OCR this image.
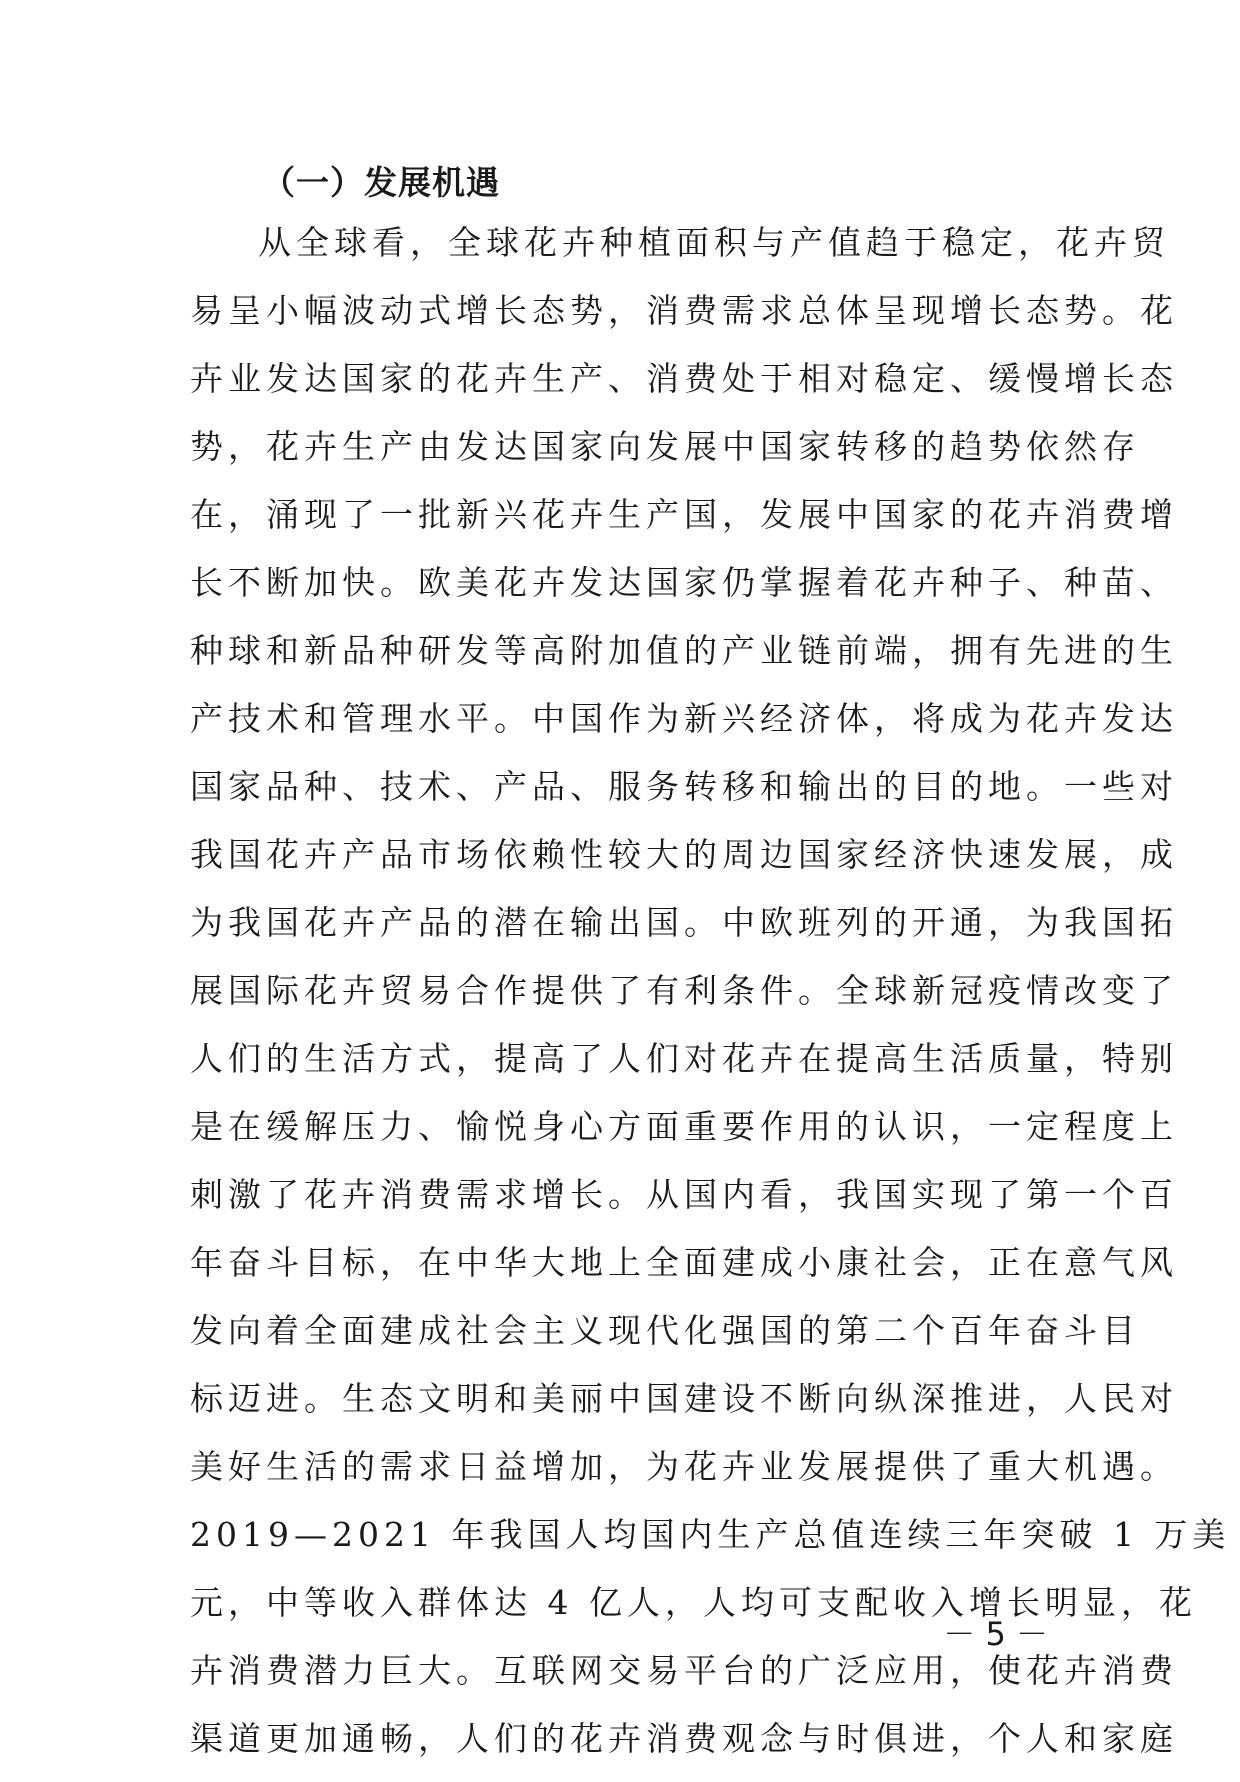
（一）发展机遇
从全球看，全球花卉种植面积与产值趋于稳定，花卉贸
易呈小幅波动式增长态势，消费需求总体呈现增长态势。花
卉业发达国家的花卉生产、消费处于相对稳定、缓慢增长态
势，花卉生产由发达国家向发展中国家转移的趋势依然存
在，涌现了一批新兴花卉生产国，发展中国家的花卉消费增
长不断加快。欧美花卉发达国家仍掌握着花卉种子、种苗、
种球和新品种研发等高附加值的产业链前端，拥有先进的生
产技术和管理水平。中国作为新兴经济体，将成为花卉发达
国家品种、技术、产品、服务转移和输出的目的地。一些对
我国花卉产品市场依赖性较大的周边国家经济快速发展，成
为我国花卉产品的潜在输出国。中欧班列的开通，为我国拓
展国际花卉贸易合作提供了有利条件。全球新冠疫情改变了
人们的生活方式，提高了人们对花卉在提高生活质量，特别
是在缓解压力、愉悦身心方面重要作用的认识，一定程度上
刺激了花卉消费需求增长。从国内看，我国实现了第一个百
年奋斗目标，在中华大地上全面建成小康社会，正在意气风
发向着全面建成社会主义现代化强国的第二个百年奋斗目
标迈进。生态文明和美丽中国建设不断向纵深推进，人民对
美好生活的需求日益增加，为花卉业发展提供了重大机遇。
2019—2021 年我国人均国内生产总值连续三年突破 1 万美
元，中等收入群体达 4 亿人，人均可支配收入增长明显，花
卉消费潜力巨大。互联网交易平台的广泛应用，使花卉消费
渠道更加通畅，人们的花卉消费观念与时俱进，个人和家庭
－ 5 －
